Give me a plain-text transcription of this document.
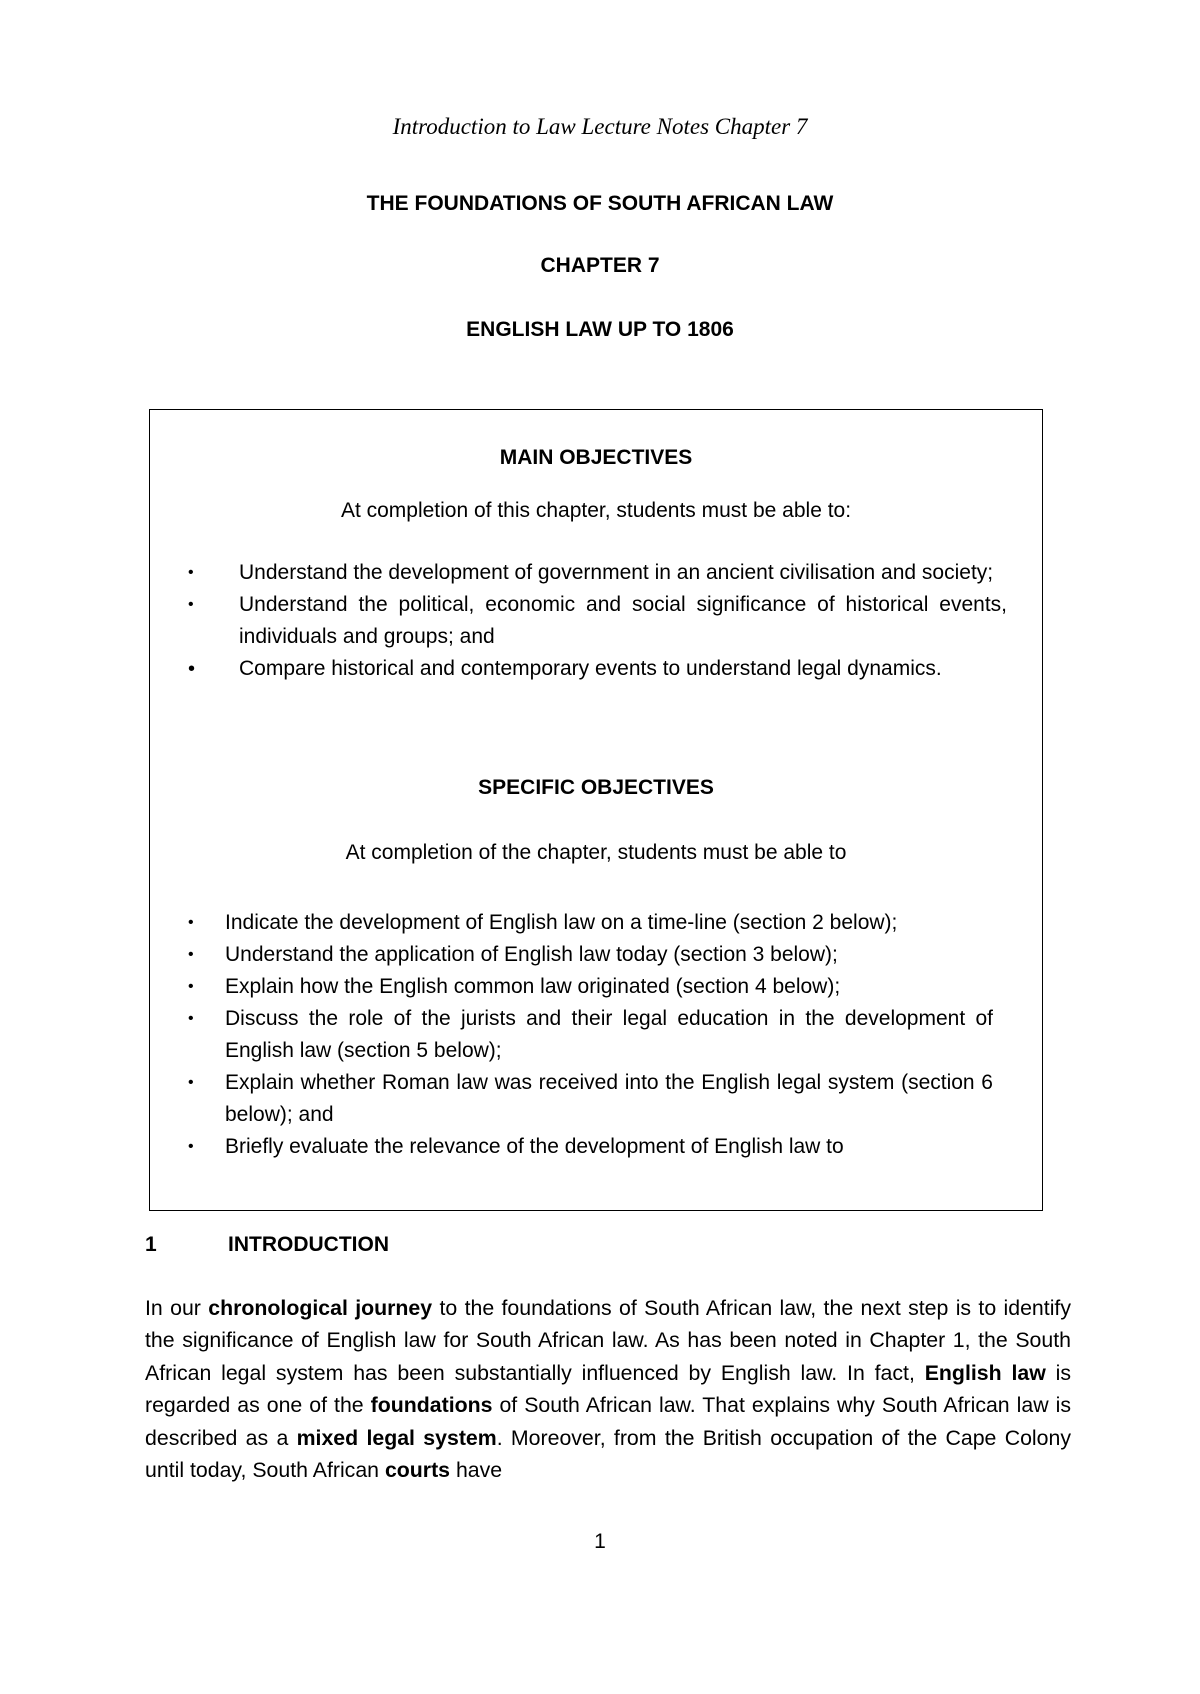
Introduction to Law Lecture Notes Chapter 7
THE FOUNDATIONS OF SOUTH AFRICAN LAW
CHAPTER 7
ENGLISH LAW UP TO 1806
MAIN OBJECTIVES
At completion of this chapter, students must be able to:
• Understand the development of government in an ancient civilisation and society;
• Understand the political, economic and social significance of historical events, individuals and groups; and
• Compare historical and contemporary events to understand legal dynamics.
SPECIFIC OBJECTIVES
At completion of the chapter, students must be able to
• Indicate the development of English law on a time-line (section 2 below);
• Understand the application of English law today (section 3 below);
• Explain how the English common law originated (section 4 below);
• Discuss the role of the jurists and their legal education in the development of English law (section 5 below);
• Explain whether Roman law was received into the English legal system (section 6 below); and
• Briefly evaluate the relevance of the development of English law to
1	INTRODUCTION

In our chronological journey to the foundations of South African law, the next step is to identify the significance of English law for South African law. As has been noted in Chapter 1, the South African legal system has been substantially influenced by English law. In fact, English law is regarded as one of the foundations of South African law. That explains why South African law is described as a mixed legal system. Moreover, from the British occupation of the Cape Colony until today, South African courts have

1
